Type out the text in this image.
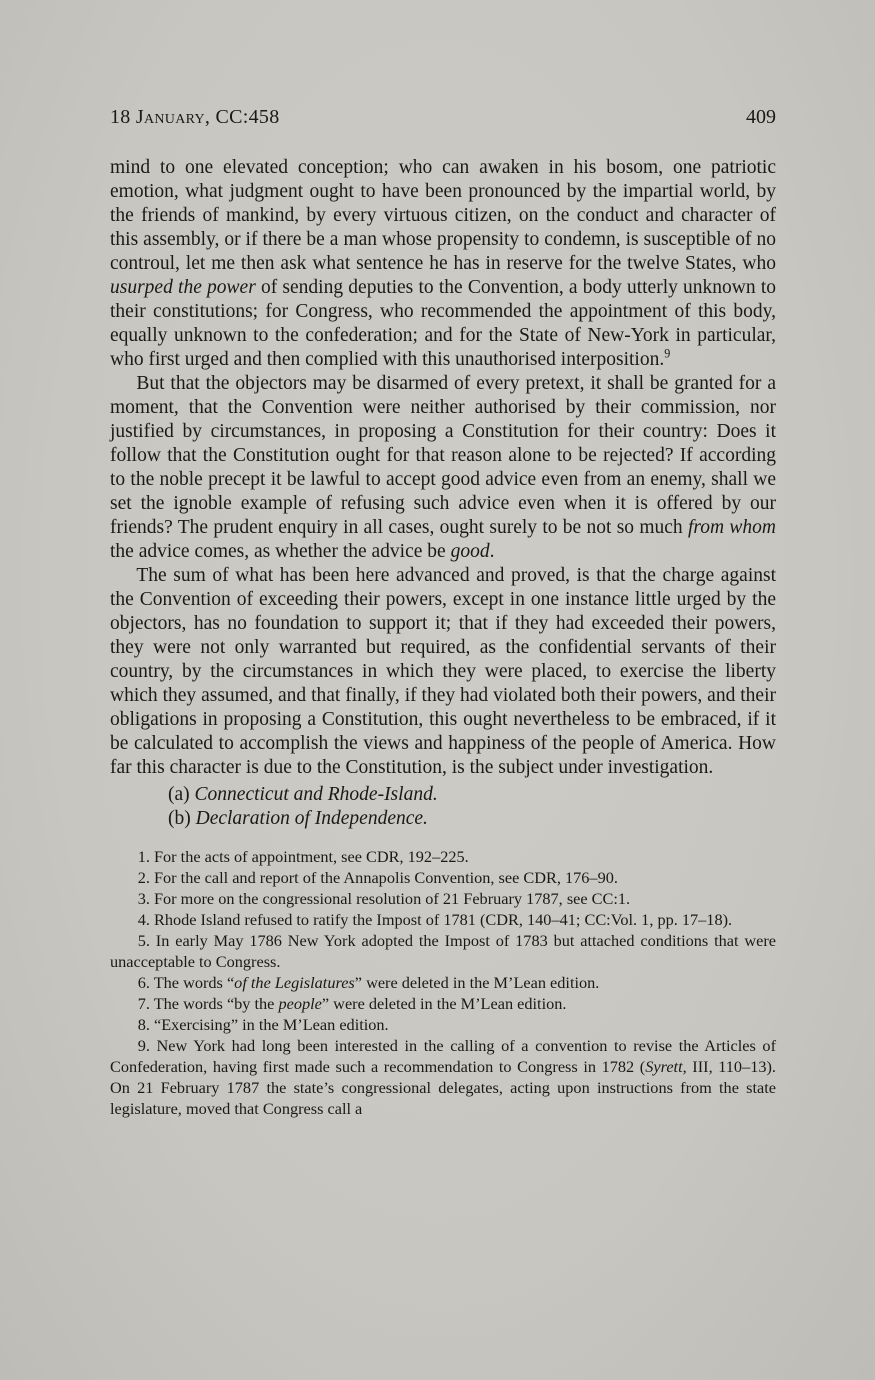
18 January, CC:458	409

mind to one elevated conception; who can awaken in his bosom, one patriotic emotion, what judgment ought to have been pronounced by the impartial world, by the friends of mankind, by every virtuous citizen, on the conduct and character of this assembly, or if there be a man whose propensity to condemn, is susceptible of no controul, let me then ask what sentence he has in reserve for the twelve States, who usurped the power of sending deputies to the Convention, a body utterly unknown to their constitutions; for Congress, who recommended the appointment of this body, equally unknown to the confederation; and for the State of New-York in particular, who first urged and then complied with this unauthorised interposition.$^9$

But that the objectors may be disarmed of every pretext, it shall be granted for a moment, that the Convention were neither authorised by their commission, nor justified by circumstances, in proposing a Constitution for their country: Does it follow that the Constitution ought for that reason alone to be rejected? If according to the noble precept it be lawful to accept good advice even from an enemy, shall we set the ignoble example of refusing such advice even when it is offered by our friends? The prudent enquiry in all cases, ought surely to be not so much from whom the advice comes, as whether the advice be good.

The sum of what has been here advanced and proved, is that the charge against the Convention of exceeding their powers, except in one instance little urged by the objectors, has no foundation to support it; that if they had exceeded their powers, they were not only warranted but required, as the confidential servants of their country, by the circumstances in which they were placed, to exercise the liberty which they assumed, and that finally, if they had violated both their powers, and their obligations in proposing a Constitution, this ought nevertheless to be embraced, if it be calculated to accomplish the views and happiness of the people of America. How far this character is due to the Constitution, is the subject under investigation.

(a) Connecticut and Rhode-Island.

(b) Declaration of Independence.

1. For the acts of appointment, see CDR, 192–225.

2. For the call and report of the Annapolis Convention, see CDR, 176–90.

3. For more on the congressional resolution of 21 February 1787, see CC:1.

4. Rhode Island refused to ratify the Impost of 1781 (CDR, 140–41; CC:Vol. 1, pp. 17–18).

5. In early May 1786 New York adopted the Impost of 1783 but attached conditions that were unacceptable to Congress.

6. The words “of the Legislatures” were deleted in the M’Lean edition.

7. The words “by the people” were deleted in the M’Lean edition.

8. “Exercising” in the M’Lean edition.

9. New York had long been interested in the calling of a convention to revise the Articles of Confederation, having first made such a recommendation to Congress in 1782 (Syrett, III, 110–13). On 21 February 1787 the state’s congressional delegates, acting upon instructions from the state legislature, moved that Congress call a
